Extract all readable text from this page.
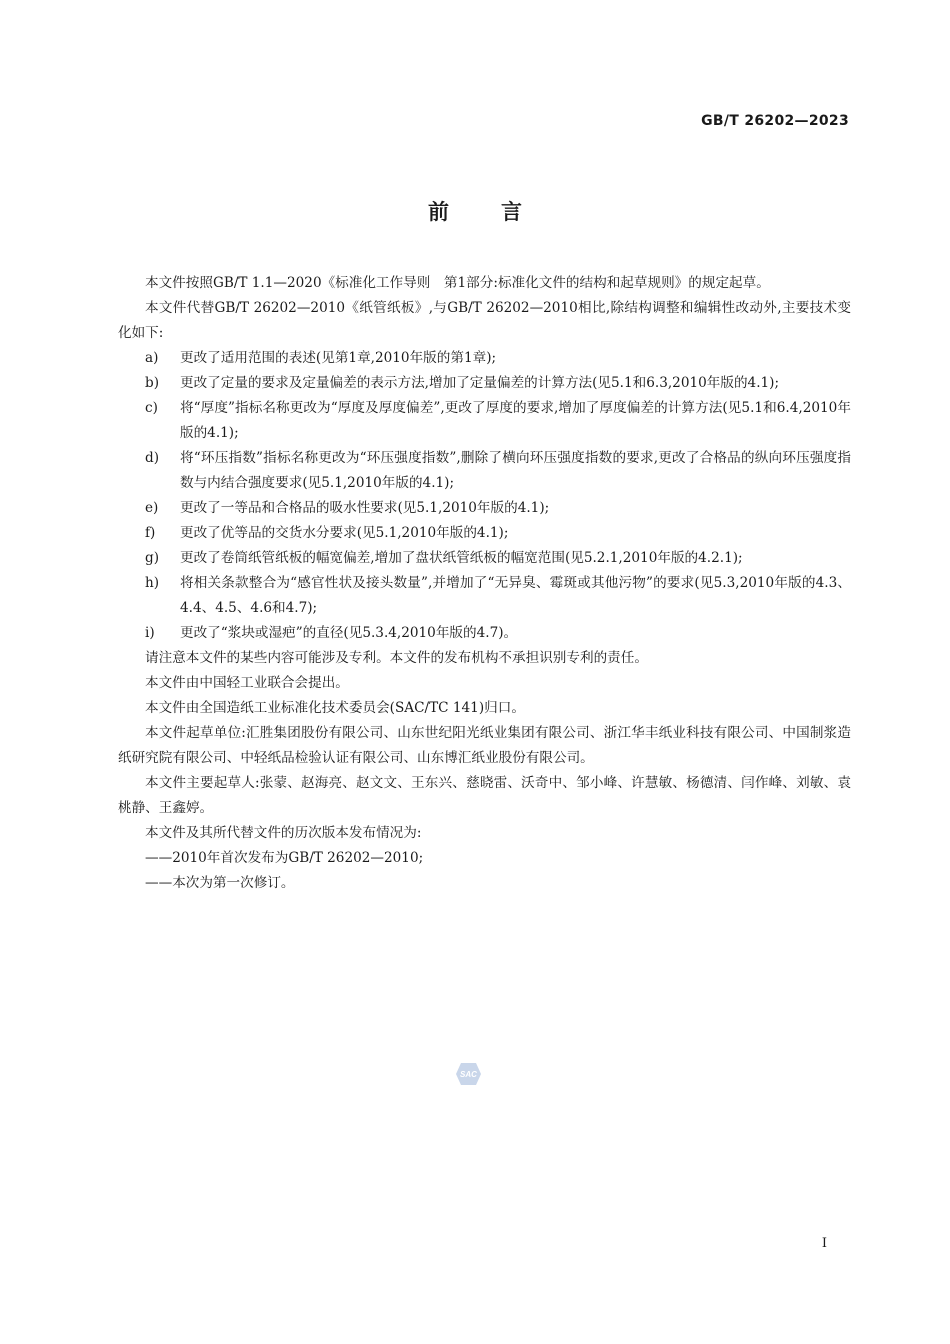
GB/T 26202—2023
前言

本文件按照GB/T 1.1—2020《标准化工作导则　第1部分:标准化文件的结构和起草规则》的规定起草。

本文件代替GB/T 26202—2010《纸管纸板》,与GB/T 26202—2010相比,除结构调整和编辑性改动外,主要技术变化如下:

a)	更改了适用范围的表述(见第1章,2010年版的第1章);
b)	更改了定量的要求及定量偏差的表示方法,增加了定量偏差的计算方法(见5.1和6.3,2010年版的4.1);
c)	将“厚度”指标名称更改为“厚度及厚度偏差”,更改了厚度的要求,增加了厚度偏差的计算方法(见5.1和6.4,2010年版的4.1);
d)	将“环压指数”指标名称更改为“环压强度指数”,删除了横向环压强度指数的要求,更改了合格品的纵向环压强度指数与内结合强度要求(见5.1,2010年版的4.1);
e)	更改了一等品和合格品的吸水性要求(见5.1,2010年版的4.1);
f)	更改了优等品的交货水分要求(见5.1,2010年版的4.1);
g)	更改了卷筒纸管纸板的幅宽偏差,增加了盘状纸管纸板的幅宽范围(见5.2.1,2010年版的4.2.1);
h)	将相关条款整合为“感官性状及接头数量”,并增加了“无异臭、霉斑或其他污物”的要求(见5.3,2010年版的4.3、4.4、4.5、4.6和4.7);
i)	更改了“浆块或湿疤”的直径(见5.3.4,2010年版的4.7)。

请注意本文件的某些内容可能涉及专利。本文件的发布机构不承担识别专利的责任。

本文件由中国轻工业联合会提出。

本文件由全国造纸工业标准化技术委员会(SAC/TC 141)归口。

本文件起草单位:汇胜集团股份有限公司、山东世纪阳光纸业集团有限公司、浙江华丰纸业科技有限公司、中国制浆造纸研究院有限公司、中轻纸品检验认证有限公司、山东博汇纸业股份有限公司。

本文件主要起草人:张蒙、赵海亮、赵文文、王东兴、慈晓雷、沃奇中、邹小峰、许慧敏、杨德清、闫作峰、刘敏、袁桃静、王鑫婷。

本文件及其所代替文件的历次版本发布情况为:

——2010年首次发布为GB/T 26202—2010;

——本次为第一次修订。

SAC
I
